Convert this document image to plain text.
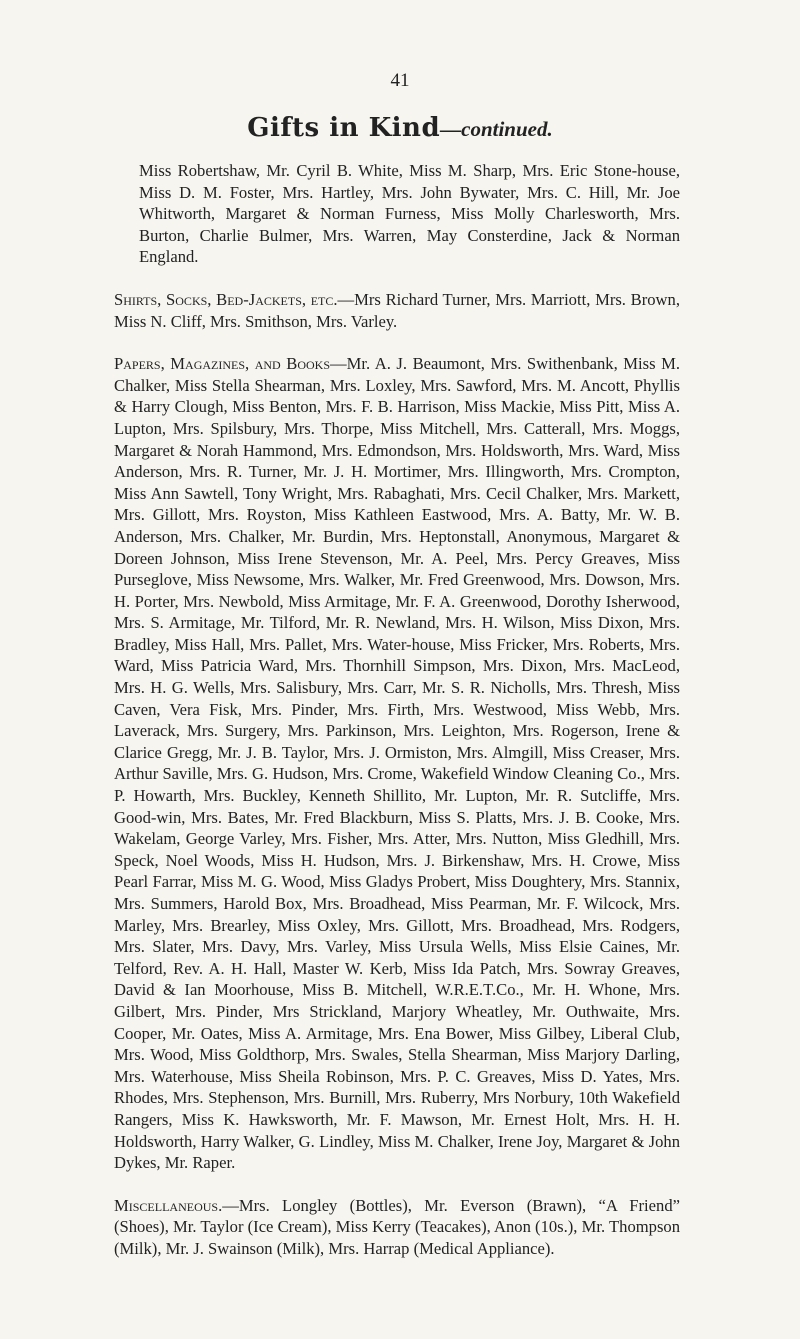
41
Gifts in Kind—continued.

Miss Robertshaw, Mr. Cyril B. White, Miss M. Sharp, Mrs. Eric Stone-house, Miss D. M. Foster, Mrs. Hartley, Mrs. John Bywater, Mrs. C. Hill, Mr. Joe Whitworth, Margaret & Norman Furness, Miss Molly Charlesworth, Mrs. Burton, Charlie Bulmer, Mrs. Warren, May Consterdine, Jack & Norman England.

Shirts, Socks, Bed-Jackets, etc.—Mrs Richard Turner, Mrs. Marriott, Mrs. Brown, Miss N. Cliff, Mrs. Smithson, Mrs. Varley.

Papers, Magazines, and Books—Mr. A. J. Beaumont, Mrs. Swithenbank, Miss M. Chalker, Miss Stella Shearman, Mrs. Loxley, Mrs. Sawford, Mrs. M. Ancott, Phyllis & Harry Clough, Miss Benton, Mrs. F. B. Harrison, Miss Mackie, Miss Pitt, Miss A. Lupton, Mrs. Spilsbury, Mrs. Thorpe, Miss Mitchell, Mrs. Catterall, Mrs. Moggs, Margaret & Norah Hammond, Mrs. Edmondson, Mrs. Holdsworth, Mrs. Ward, Miss Anderson, Mrs. R. Turner, Mr. J. H. Mortimer, Mrs. Illingworth, Mrs. Crompton, Miss Ann Sawtell, Tony Wright, Mrs. Rabaghati, Mrs. Cecil Chalker, Mrs. Markett, Mrs. Gillott, Mrs. Royston, Miss Kathleen Eastwood, Mrs. A. Batty, Mr. W. B. Anderson, Mrs. Chalker, Mr. Burdin, Mrs. Heptonstall, Anonymous, Margaret & Doreen Johnson, Miss Irene Stevenson, Mr. A. Peel, Mrs. Percy Greaves, Miss Purseglove, Miss Newsome, Mrs. Walker, Mr. Fred Greenwood, Mrs. Dowson, Mrs. H. Porter, Mrs. Newbold, Miss Armitage, Mr. F. A. Greenwood, Dorothy Isherwood, Mrs. S. Armitage, Mr. Tilford, Mr. R. Newland, Mrs. H. Wilson, Miss Dixon, Mrs. Bradley, Miss Hall, Mrs. Pallet, Mrs. Water-house, Miss Fricker, Mrs. Roberts, Mrs. Ward, Miss Patricia Ward, Mrs. Thornhill Simpson, Mrs. Dixon, Mrs. MacLeod, Mrs. H. G. Wells, Mrs. Salisbury, Mrs. Carr, Mr. S. R. Nicholls, Mrs. Thresh, Miss Caven, Vera Fisk, Mrs. Pinder, Mrs. Firth, Mrs. Westwood, Miss Webb, Mrs. Laverack, Mrs. Surgery, Mrs. Parkinson, Mrs. Leighton, Mrs. Rogerson, Irene & Clarice Gregg, Mr. J. B. Taylor, Mrs. J. Ormiston, Mrs. Almgill, Miss Creaser, Mrs. Arthur Saville, Mrs. G. Hudson, Mrs. Crome, Wakefield Window Cleaning Co., Mrs. P. Howarth, Mrs. Buckley, Kenneth Shillito, Mr. Lupton, Mr. R. Sutcliffe, Mrs. Good-win, Mrs. Bates, Mr. Fred Blackburn, Miss S. Platts, Mrs. J. B. Cooke, Mrs. Wakelam, George Varley, Mrs. Fisher, Mrs. Atter, Mrs. Nutton, Miss Gledhill, Mrs. Speck, Noel Woods, Miss H. Hudson, Mrs. J. Birkenshaw, Mrs. H. Crowe, Miss Pearl Farrar, Miss M. G. Wood, Miss Gladys Probert, Miss Doughtery, Mrs. Stannix, Mrs. Summers, Harold Box, Mrs. Broadhead, Miss Pearman, Mr. F. Wilcock, Mrs. Marley, Mrs. Brearley, Miss Oxley, Mrs. Gillott, Mrs. Broadhead, Mrs. Rodgers, Mrs. Slater, Mrs. Davy, Mrs. Varley, Miss Ursula Wells, Miss Elsie Caines, Mr. Telford, Rev. A. H. Hall, Master W. Kerb, Miss Ida Patch, Mrs. Sowray Greaves, David & Ian Moorhouse, Miss B. Mitchell, W.R.E.T.Co., Mr. H. Whone, Mrs. Gilbert, Mrs. Pinder, Mrs Strickland, Marjory Wheatley, Mr. Outhwaite, Mrs. Cooper, Mr. Oates, Miss A. Armitage, Mrs. Ena Bower, Miss Gilbey, Liberal Club, Mrs. Wood, Miss Goldthorp, Mrs. Swales, Stella Shearman, Miss Marjory Darling, Mrs. Waterhouse, Miss Sheila Robinson, Mrs. P. C. Greaves, Miss D. Yates, Mrs. Rhodes, Mrs. Stephenson, Mrs. Burnill, Mrs. Ruberry, Mrs Norbury, 10th Wakefield Rangers, Miss K. Hawksworth, Mr. F. Mawson, Mr. Ernest Holt, Mrs. H. H. Holdsworth, Harry Walker, G. Lindley, Miss M. Chalker, Irene Joy, Margaret & John Dykes, Mr. Raper.

Miscellaneous.—Mrs. Longley (Bottles), Mr. Everson (Brawn), “A Friend” (Shoes), Mr. Taylor (Ice Cream), Miss Kerry (Teacakes), Anon (10s.), Mr. Thompson (Milk), Mr. J. Swainson (Milk), Mrs. Harrap (Medical Appliance).
